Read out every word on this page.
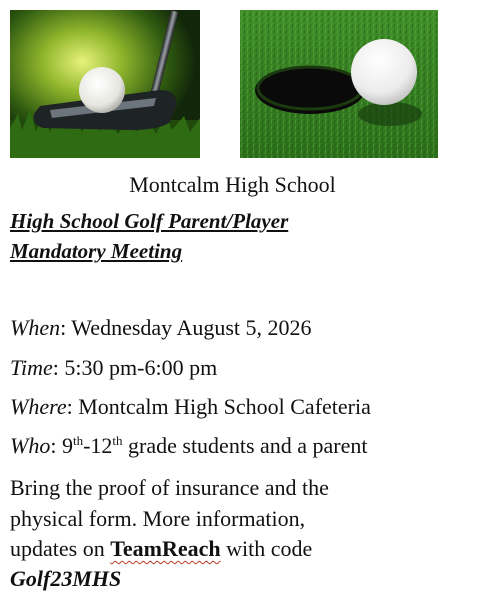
Montcalm High School
High School Golf Parent/Player
Mandatory Meeting
When: Wednesday August 5, 2026
Time: 5:30 pm-6:00 pm
Where: Montcalm High School Cafeteria
Who: 9th-12th grade students and a parent
Bring the proof of insurance and the
physical form. More information,
updates on TeamReach with code
Golf23MHS
